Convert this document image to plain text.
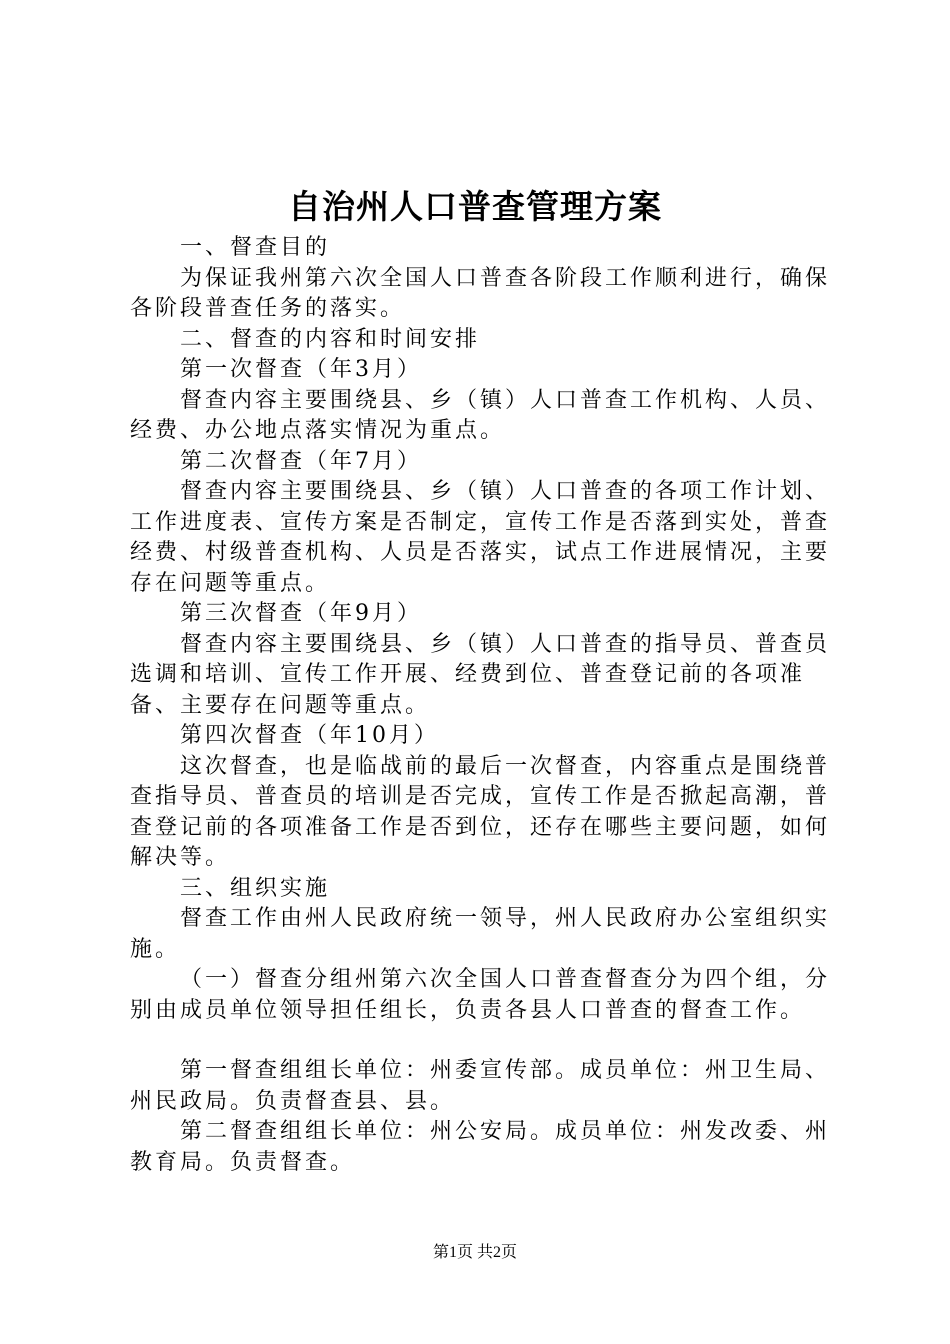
自治州人口普查管理方案

一、督查目的

为保证我州第六次全国人口普查各阶段工作顺利进行，确保各阶段普查任务的落实。

二、督查的内容和时间安排

第一次督查（年3月）

督查内容主要围绕县、乡（镇）人口普查工作机构、人员、经费、办公地点落实情况为重点。

第二次督查（年7月）

督查内容主要围绕县、乡（镇）人口普查的各项工作计划、工作进度表、宣传方案是否制定，宣传工作是否落到实处，普查经费、村级普查机构、人员是否落实，试点工作进展情况，主要存在问题等重点。

第三次督查（年9月）

督查内容主要围绕县、乡（镇）人口普查的指导员、普查员选调和培训、宣传工作开展、经费到位、普查登记前的各项准备、主要存在问题等重点。

第四次督查（年10月）

这次督查，也是临战前的最后一次督查，内容重点是围绕普查指导员、普查员的培训是否完成，宣传工作是否掀起高潮，普查登记前的各项准备工作是否到位，还存在哪些主要问题，如何解决等。

三、组织实施

督查工作由州人民政府统一领导，州人民政府办公室组织实施。

（一）督查分组州第六次全国人口普查督查分为四个组，分别由成员单位领导担任组长，负责各县人口普查的督查工作。

第一督查组组长单位：州委宣传部。成员单位：州卫生局、州民政局。负责督查县、县。

第二督查组组长单位：州公安局。成员单位：州发改委、州教育局。负责督查。

第1页 共2页
